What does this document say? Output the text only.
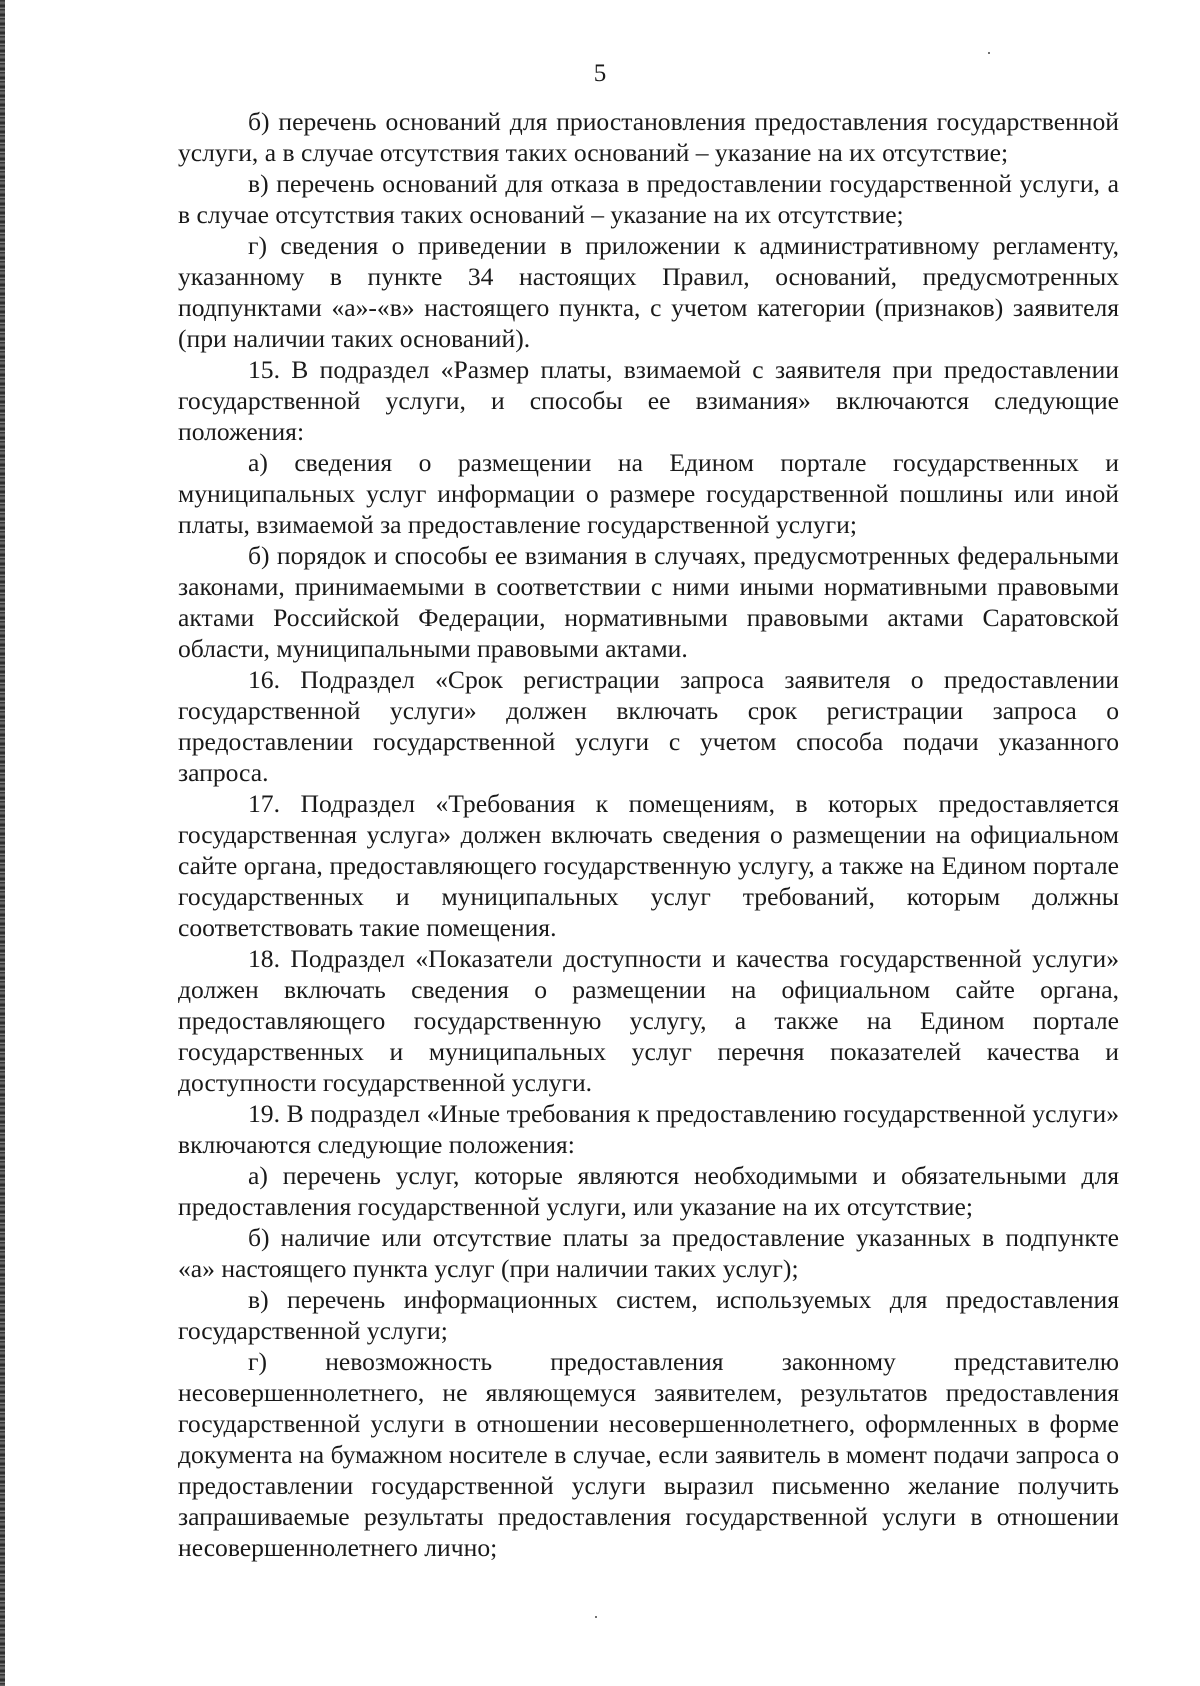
5

б) перечень оснований для приостановления предоставления государственной услуги, а в случае отсутствия таких оснований – указание на их отсутствие;

в) перечень оснований для отказа в предоставлении государственной услуги, а в случае отсутствия таких оснований – указание на их отсутствие;

г) сведения о приведении в приложении к административному регламенту, указанному в пункте 34 настоящих Правил, оснований, предусмотренных подпунктами «а»-«в» настоящего пункта, с учетом категории (признаков) заявителя (при наличии таких оснований).

15. В подраздел «Размер платы, взимаемой с заявителя при предоставлении государственной услуги, и способы ее взимания» включаются следующие положения:

а) сведения о размещении на Едином портале государственных и муниципальных услуг информации о размере государственной пошлины или иной платы, взимаемой за предоставление государственной услуги;

б) порядок и способы ее взимания в случаях, предусмотренных федеральными законами, принимаемыми в соответствии с ними иными нормативными правовыми актами Российской Федерации, нормативными правовыми актами Саратовской области, муниципальными правовыми актами.

16. Подраздел «Срок регистрации запроса заявителя о предоставлении государственной услуги» должен включать срок регистрации запроса о предоставлении государственной услуги с учетом способа подачи указанного запроса.

17. Подраздел «Требования к помещениям, в которых предоставляется государственная услуга» должен включать сведения о размещении на официальном сайте органа, предоставляющего государственную услугу, а также на Едином портале государственных и муниципальных услуг требований, которым должны соответствовать такие помещения.

18. Подраздел «Показатели доступности и качества государственной услуги» должен включать сведения о размещении на официальном сайте органа, предоставляющего государственную услугу, а также на Едином портале государственных и муниципальных услуг перечня показателей качества и доступности государственной услуги.

19. В подраздел «Иные требования к предоставлению государственной услуги» включаются следующие положения:

а) перечень услуг, которые являются необходимыми и обязательными для предоставления государственной услуги, или указание на их отсутствие;

б) наличие или отсутствие платы за предоставление указанных в подпункте «а» настоящего пункта услуг (при наличии таких услуг);

в) перечень информационных систем, используемых для предоставления государственной услуги;

г) невозможность предоставления законному представителю несовершеннолетнего, не являющемуся заявителем, результатов предоставления государственной услуги в отношении несовершеннолетнего, оформленных в форме документа на бумажном носителе в случае, если заявитель в момент подачи запроса о предоставлении государственной услуги выразил письменно желание получить запрашиваемые результаты предоставления государственной услуги в отношении несовершеннолетнего лично;
